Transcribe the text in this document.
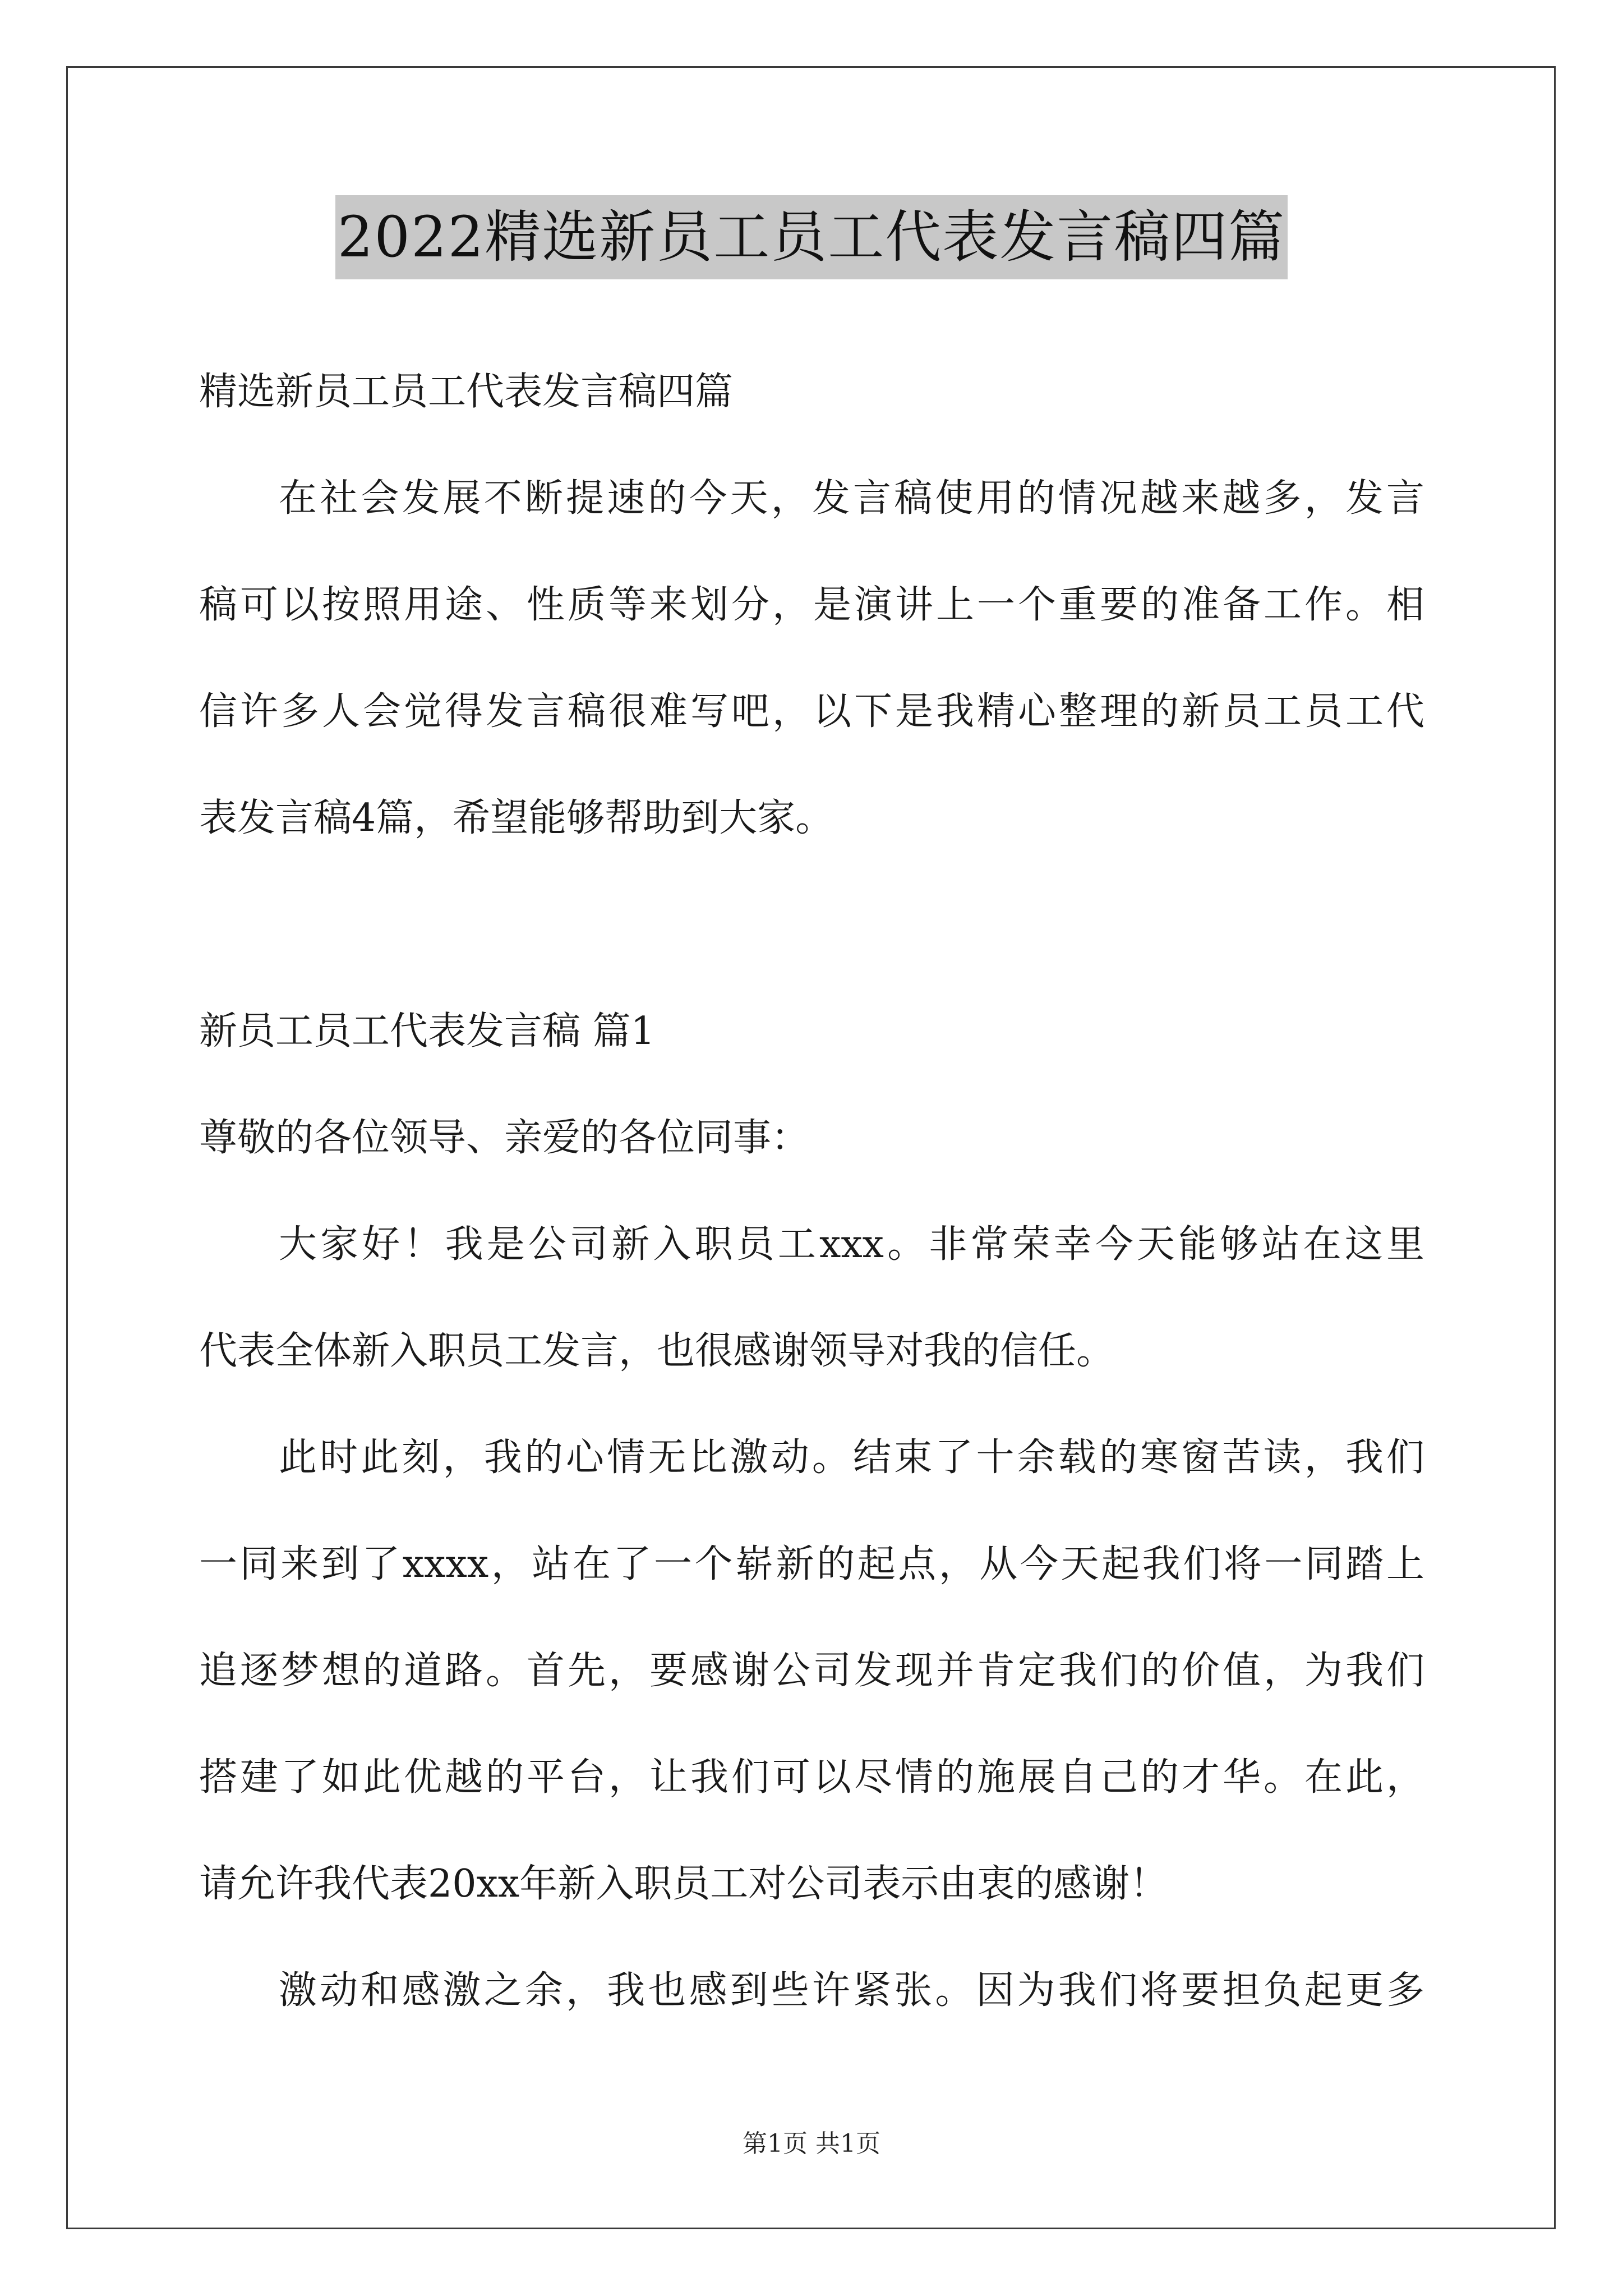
2022精选新员工员工代表发言稿四篇
精选新员工员工代表发言稿四篇
在社会发展不断提速的今天，发言稿使用的情况越来越多，发言
稿可以按照用途、性质等来划分，是演讲上一个重要的准备工作。相
信许多人会觉得发言稿很难写吧，以下是我精心整理的新员工员工代
表发言稿4篇，希望能够帮助到大家。
新员工员工代表发言稿 篇1
尊敬的各位领导、亲爱的各位同事：
大家好！我是公司新入职员工xxx。非常荣幸今天能够站在这里
代表全体新入职员工发言，也很感谢领导对我的信任。
此时此刻，我的心情无比激动。结束了十余载的寒窗苦读，我们
一同来到了xxxx，站在了一个崭新的起点，从今天起我们将一同踏上
追逐梦想的道路。首先，要感谢公司发现并肯定我们的价值，为我们
搭建了如此优越的平台，让我们可以尽情的施展自己的才华。在此，
请允许我代表20xx年新入职员工对公司表示由衷的感谢！
激动和感激之余，我也感到些许紧张。因为我们将要担负起更多
第1页 共1页
